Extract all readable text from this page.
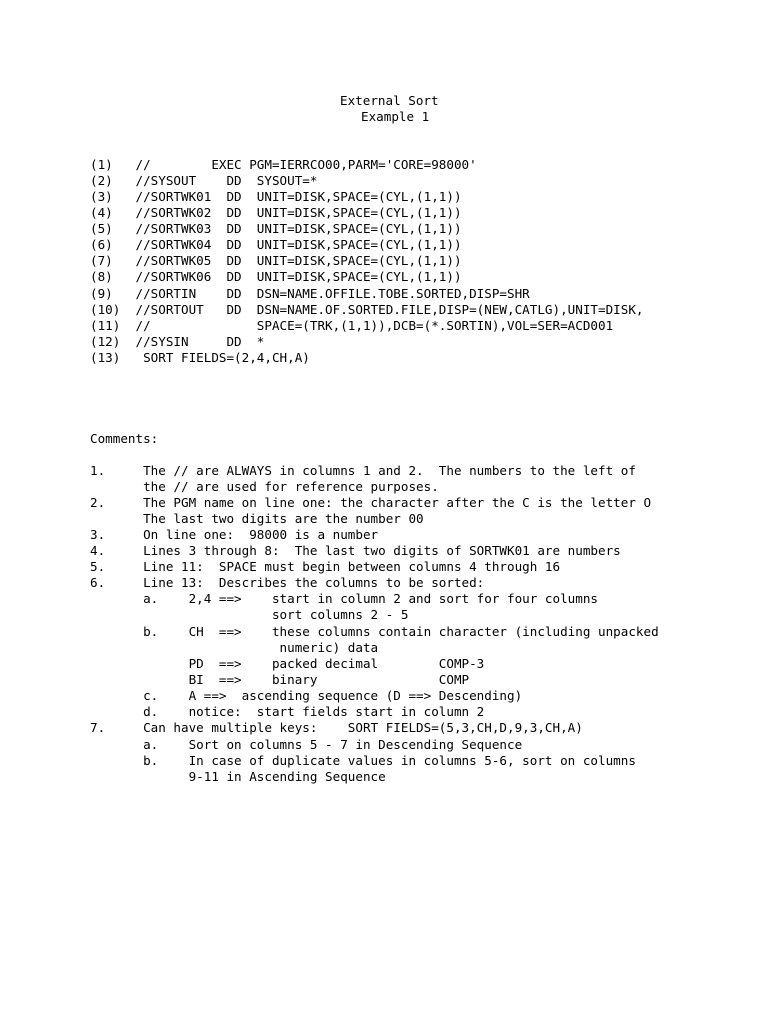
External Sort
Example 1
(1)   //        EXEC PGM=IERRCO00,PARM='CORE=98000'
(2)   //SYSOUT    DD  SYSOUT=*
(3)   //SORTWK01  DD  UNIT=DISK,SPACE=(CYL,(1,1))
(4)   //SORTWK02  DD  UNIT=DISK,SPACE=(CYL,(1,1))
(5)   //SORTWK03  DD  UNIT=DISK,SPACE=(CYL,(1,1))
(6)   //SORTWK04  DD  UNIT=DISK,SPACE=(CYL,(1,1))
(7)   //SORTWK05  DD  UNIT=DISK,SPACE=(CYL,(1,1))
(8)   //SORTWK06  DD  UNIT=DISK,SPACE=(CYL,(1,1))
(9)   //SORTIN    DD  DSN=NAME.OFFILE.TOBE.SORTED,DISP=SHR
(10)  //SORTOUT   DD  DSN=NAME.OF.SORTED.FILE,DISP=(NEW,CATLG),UNIT=DISK,
(11)  //              SPACE=(TRK,(1,1)),DCB=(*.SORTIN),VOL=SER=ACD001
(12)  //SYSIN     DD  *
(13)   SORT FIELDS=(2,4,CH,A)
Comments:
1.     The // are ALWAYS in columns 1 and 2.  The numbers to the left of
the // are used for reference purposes.
2.     The PGM name on line one: the character after the C is the letter O
The last two digits are the number 00
3.     On line one:  98000 is a number
4.     Lines 3 through 8:  The last two digits of SORTWK01 are numbers
5.     Line 11:  SPACE must begin between columns 4 through 16
6.     Line 13:  Describes the columns to be sorted:
a.    2,4 ==>    start in column 2 and sort for four columns
sort columns 2 - 5
b.    CH  ==>    these columns contain character (including unpacked
numeric) data
PD  ==>    packed decimal        COMP-3
BI  ==>    binary                COMP
c.    A ==>  ascending sequence (D ==> Descending)
d.    notice:  start fields start in column 2
7.     Can have multiple keys:    SORT FIELDS=(5,3,CH,D,9,3,CH,A)
a.    Sort on columns 5 - 7 in Descending Sequence
b.    In case of duplicate values in columns 5-6, sort on columns
9-11 in Ascending Sequence
